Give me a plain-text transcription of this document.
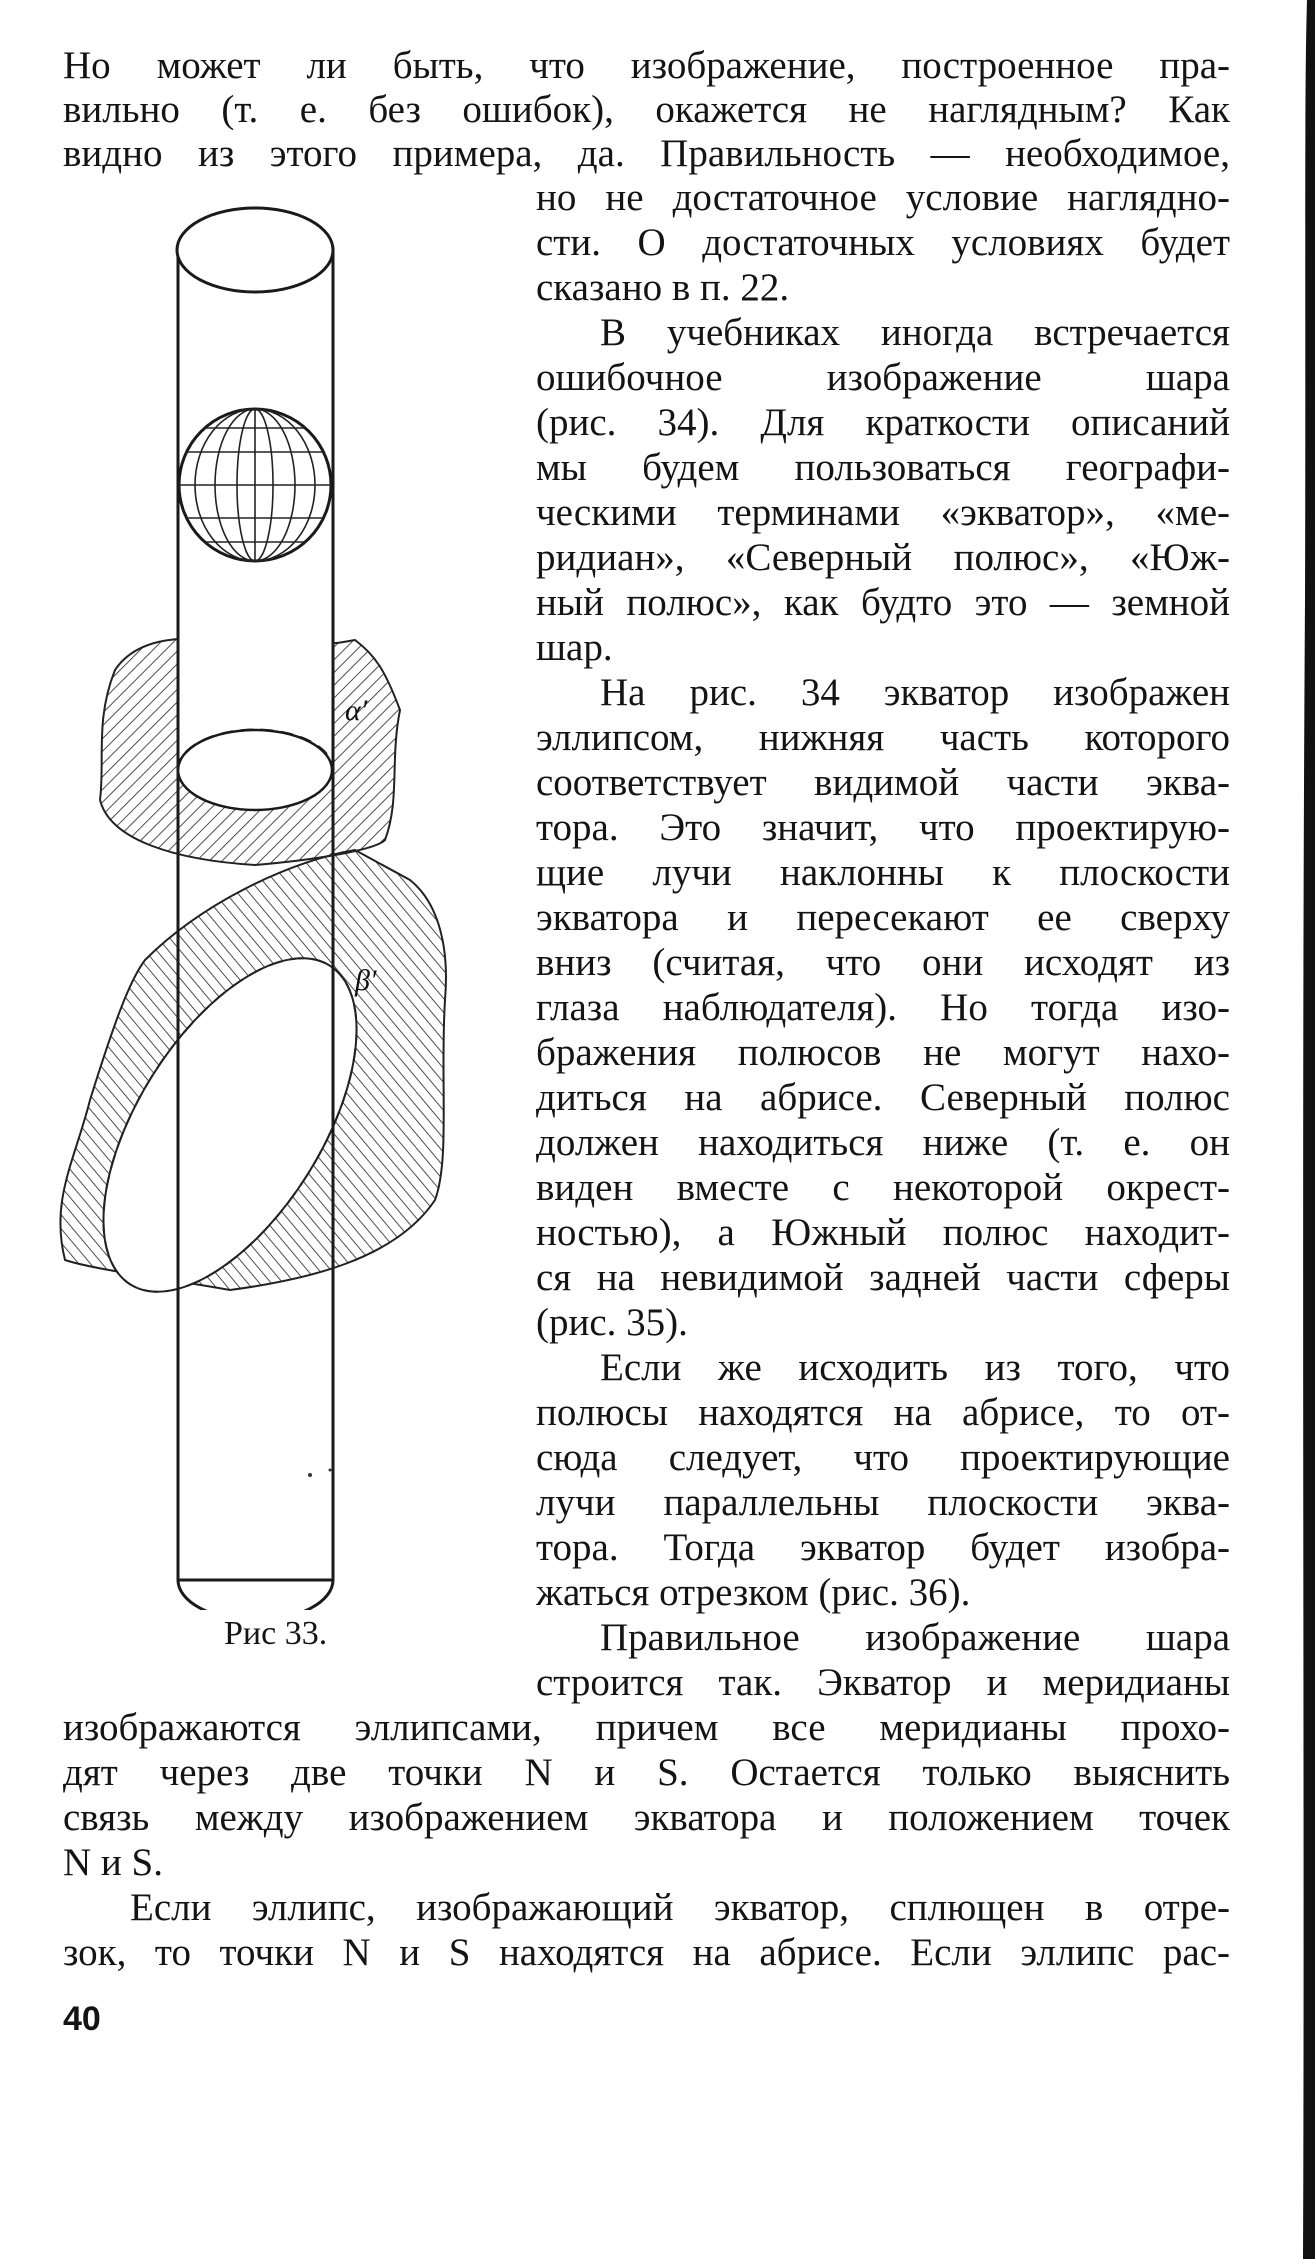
Но может ли быть, что изображение, построенное пра-
вильно (т. е. без ошибок), окажется не наглядным? Как
видно из этого примера, да. Правильность — необходимое,
но не достаточное условие нагляднo-
сти. О достаточных условиях будет
сказано в п. 22.
В учебниках иногда встречается
ошибочное изображение шара
(рис. 34). Для краткости описаний
мы будем пользоваться географи-
ческими терминами «экватор», «ме-
ридиан», «Северный полюс», «Юж-
ный полюс», как будто это — земной
шар.
На рис. 34 экватор изображен
эллипсом, нижняя часть которого
соответствует видимой части эква-
тора. Это значит, что проектирую-
щие лучи наклонны к плоскости
экватора и пересекают ее сверху
вниз (считая, что они исходят из
глаза наблюдателя). Но тогда изо-
бражения полюсов не могут нахо-
диться на абрисе. Северный полюс
должен находиться ниже (т. е. он
виден вместе с некоторой окрест-
ностью), а Южный полюс находит-
ся на невидимой задней части сферы
(рис. 35).
Если же исходить из того, что
полюсы находятся на абрисе, то от-
сюда следует, что проектирующие
лучи параллельны плоскости эква-
тора. Тогда экватор будет изобра-
жаться отрезком (рис. 36).
Правильное изображение шара
строится так. Экватор и меридианы
изображаются эллипсами, причем все меридианы прохо-
дят через две точки N и S. Остается только выяснить
связь между изображением экватора и положением точек
N и S.
Если эллипс, изображающий экватор, сплющен в отре-
зок, то точки N и S находятся на абрисе. Если эллипс рас-
α′
β′
Рис 33.
40
